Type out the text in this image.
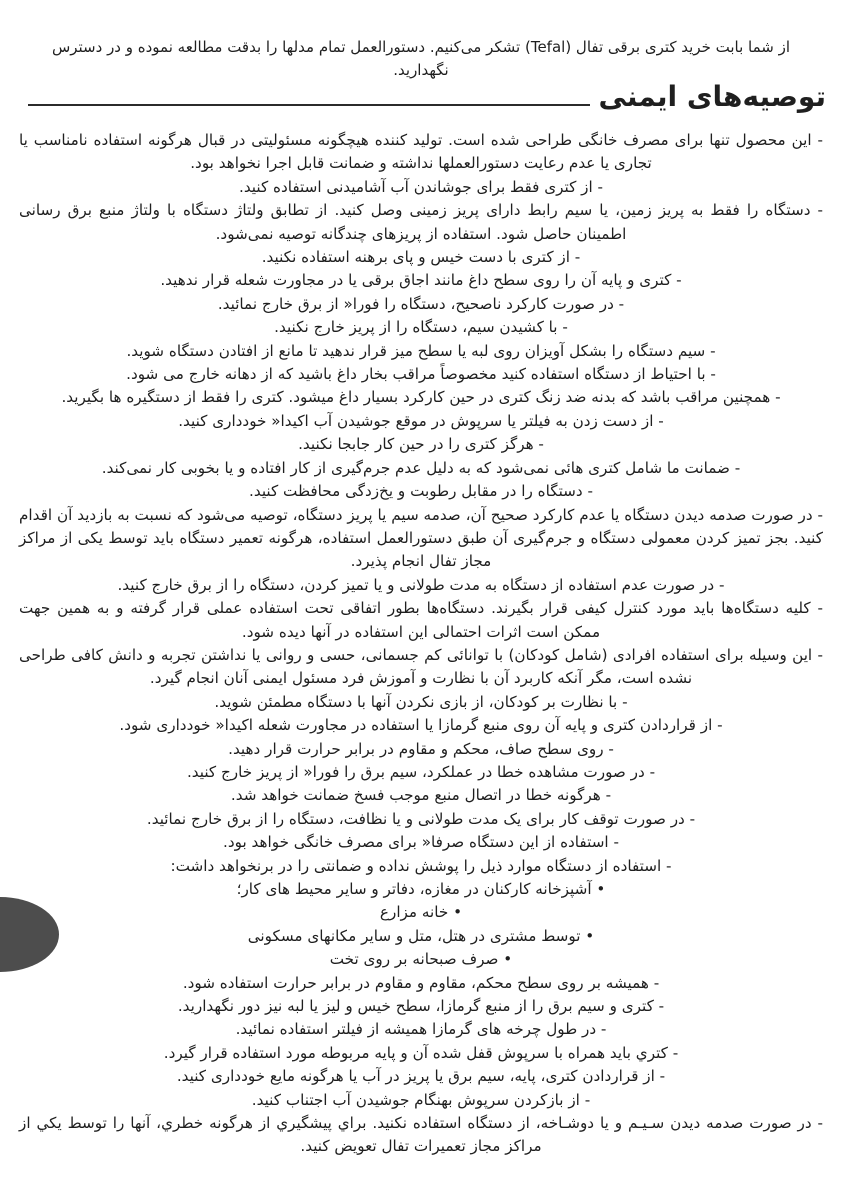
از شما بابت خرید کتری برقی تفال (Tefal) تشکر می‌کنیم. دستورالعمل تمام مدلها را بدقت مطالعه نموده و در دسترس نگهدارید.

توصیه‌های ایمنی

- این محصول تنها برای مصرف خانگی طراحی شده است. تولید کننده هیچگونه مسئولیتی در قبال هرگونه استفاده نامناسب یا تجاری یا عدم رعایت دستورالعملها نداشته و ضمانت قابل اجرا نخواهد بود.

- از کتری فقط برای جوشاندن آب آشامیدنی استفاده کنید.

- دستگاه را فقط به پریز زمین، یا سیم رابط دارای پریز زمینی وصل کنید. از تطابق ولتاژ دستگاه با ولتاژ منبع برق رسانی اطمینان حاصل شود. استفاده از پریزهای چندگانه توصیه نمی‌شود.

- از کتری با دست خیس و پای برهنه استفاده نکنید.

- کتری و پایه آن را روی سطح داغ مانند اجاق برقی یا در مجاورت شعله قرار ندهید.

- در صورت کارکرد ناصحیح، دستگاه را فورا« از برق خارج نمائید.

- با کشیدن سیم، دستگاه را از پریز خارج نکنید.

- سیم دستگاه را بشکل آویزان روی لبه یا سطح میز قرار ندهید تا مانع از افتادن دستگاه شوید.

- با احتیاط از دستگاه استفاده کنید مخصوصاً مراقب بخار داغ باشید که از دهانه خارج می شود.

- همچنین مراقب باشد که بدنه ضد زنگ کتری در حین کارکرد بسیار داغ میشود. کتری را فقط از دستگیره ها بگیرید.

- از دست زدن به فیلتر یا سرپوش در موقع جوشیدن آب اکیدا« خودداری کنید.

- هرگز کتری را در حین کار جابجا نکنید.

- ضمانت ما شامل کتری هائی نمی‌شود که به دلیل عدم جرم‌گیری از کار افتاده و یا بخوبی کار نمی‌کند.

- دستگاه را در مقابل رطوبت و یخ‌زدگی محافظت کنید.

- در صورت صدمه دیدن دستگاه یا عدم کارکرد صحیح آن، صدمه سیم یا پریز دستگاه، توصیه می‌شود که نسبت به بازدید آن اقدام کنید. بجز تمیز کردن معمولی دستگاه و جرم‌گیری آن طبق دستورالعمل استفاده، هرگونه تعمیر دستگاه باید توسط یکی از مراکز مجاز تفال انجام پذیرد.

- در صورت عدم استفاده از دستگاه به مدت طولانی و یا تمیز کردن، دستگاه را از برق خارج کنید.

- کلیه دستگاه‌ها باید مورد کنترل کیفی قرار بگیرند. دستگاه‌ها بطور اتفاقی تحت استفاده عملی قرار گرفته و به همین جهت ممکن است اثرات احتمالی این استفاده در آنها دیده شود.

- این وسیله برای استفاده افرادی (شامل کودکان) با توانائی کم جسمانی، حسی و روانی یا نداشتن تجربه و دانش کافی طراحی نشده است، مگر آنکه کاربرد آن با نظارت و آموزش فرد مسئول ایمنی آنان انجام گیرد.

- با نظارت بر کودکان، از بازی نکردن آنها با دستگاه مطمئن شوید.

- از قراردادن کتری و پایه آن روی منبع گرمازا یا استفاده در مجاورت شعله اکیدا« خودداری شود.

- روی سطح صاف، محکم و مقاوم در برابر حرارت قرار دهید.

- در صورت مشاهده خطا در عملکرد، سیم برق را فورا« از پریز خارج کنید.

- هرگونه خطا در اتصال منبع موجب فسخ ضمانت خواهد شد.

- در صورت توقف کار برای یک مدت طولانی و یا نظافت، دستگاه را از برق خارج نمائید.

- استفاده از این دستگاه صرفا« برای مصرف خانگی خواهد بود.

- استفاده از دستگاه موارد ذیل را پوشش نداده و ضمانتی را در برنخواهد داشت:

• آشپزخانه کارکنان در مغازه، دفاتر و سایر محیط های کار؛

• خانه مزارع

• توسط مشتری در هتل، متل و سایر مکانهای مسکونی

• صرف صبحانه بر روی تخت

- همیشه بر روی سطح محکم، مقاوم و مقاوم در برابر حرارت استفاده شود.

- کتری و سیم برق را از منبع گرمازا، سطح خیس و لیز یا لبه نیز دور نگهدارید.

- در طول چرخه های گرمازا همیشه از فیلتر استفاده نمائید.

- کتري باید همراه با سرپوش قفل شده آن و پایه مربوطه مورد استفاده قرار گیرد.

- از قراردادن کتری، پایه، سیم برق یا پریز در آب یا هرگونه مایع خودداری کنید.

- از بازکردن سرپوش بهنگام جوشیدن آب اجتناب کنید.

- در صورت صدمه دیدن سـیـم و یا دوشـاخه، از دستگاه استفاده نکنید. براي پیشگیري از هرگونه خطري، آنها را توسط یکي از مراکز مجاز تعمیرات تفال تعویض کنید.
